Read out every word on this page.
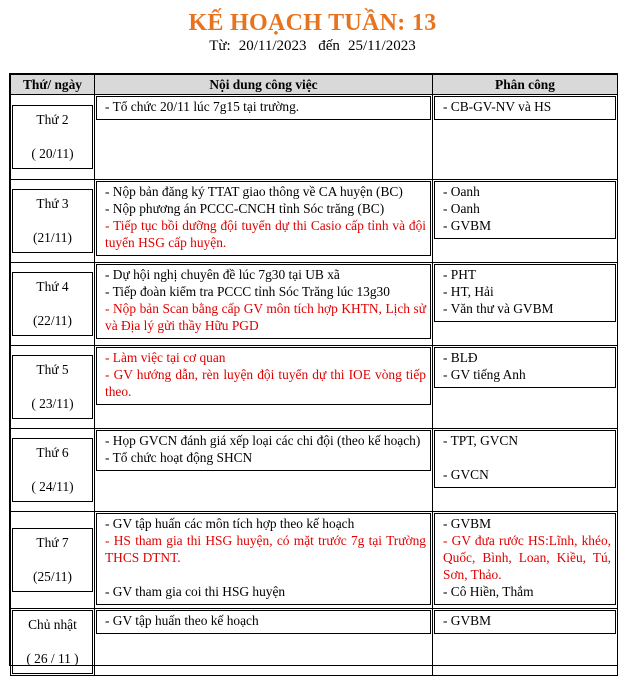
KẾ HOẠCH TUẦN: 13
Từ: 20/11/2023 đến 25/11/2023
Thứ/ ngày	Nội dung công việc	Phân công

Thứ 2
( 20/11)	- Tổ chức 20/11 lúc 7g15 tại trường.	- CB-GV-NV và HS

Thứ 3
(21/11)	- Nộp bản đăng ký TTAT giao thông về CA huyện (BC)
- Nộp phương án PCCC-CNCH tỉnh Sóc trăng (BC)
- Tiếp tục bồi dưỡng đội tuyển dự thi Casio cấp tỉnh và đội tuyển HSG cấp huyện.	- Oanh
- Oanh
- GVBM

Thứ 4
(22/11)	- Dự hội nghị chuyên đề lúc 7g30 tại UB xã
- Tiếp đoàn kiểm tra PCCC tỉnh Sóc Trăng lúc 13g30
- Nộp bản Scan bằng cấp GV môn tích hợp KHTN, Lịch sử và Địa lý gửi thầy Hữu PGD	- PHT
- HT, Hải
- Văn thư và GVBM

Thứ 5
( 23/11)	- Làm việc tại cơ quan
- GV hướng dẫn, rèn luyện đội tuyển dự thi IOE vòng tiếp theo.	- BLĐ
- GV tiếng Anh

Thứ 6
( 24/11)	- Họp GVCN đánh giá xếp loại các chi đội (theo kế hoạch)
- Tổ chức hoạt động SHCN	- TPT, GVCN
- GVCN

Thứ 7
(25/11)	- GV tập huấn các môn tích hợp theo kế hoạch
- HS tham gia thi HSG huyện, có mặt trước 7g tại Trường THCS DTNT.
- GV tham gia coi thi HSG huyện	- GVBM
- GV đưa rước HS:Lĩnh, khéo, Quốc, Bình, Loan, Kiều, Tú, Sơn, Thảo.
- Cô Hiền, Thắm

Chủ nhật
( 26 / 11 )	- GV tập huấn theo kế hoạch	- GVBM
